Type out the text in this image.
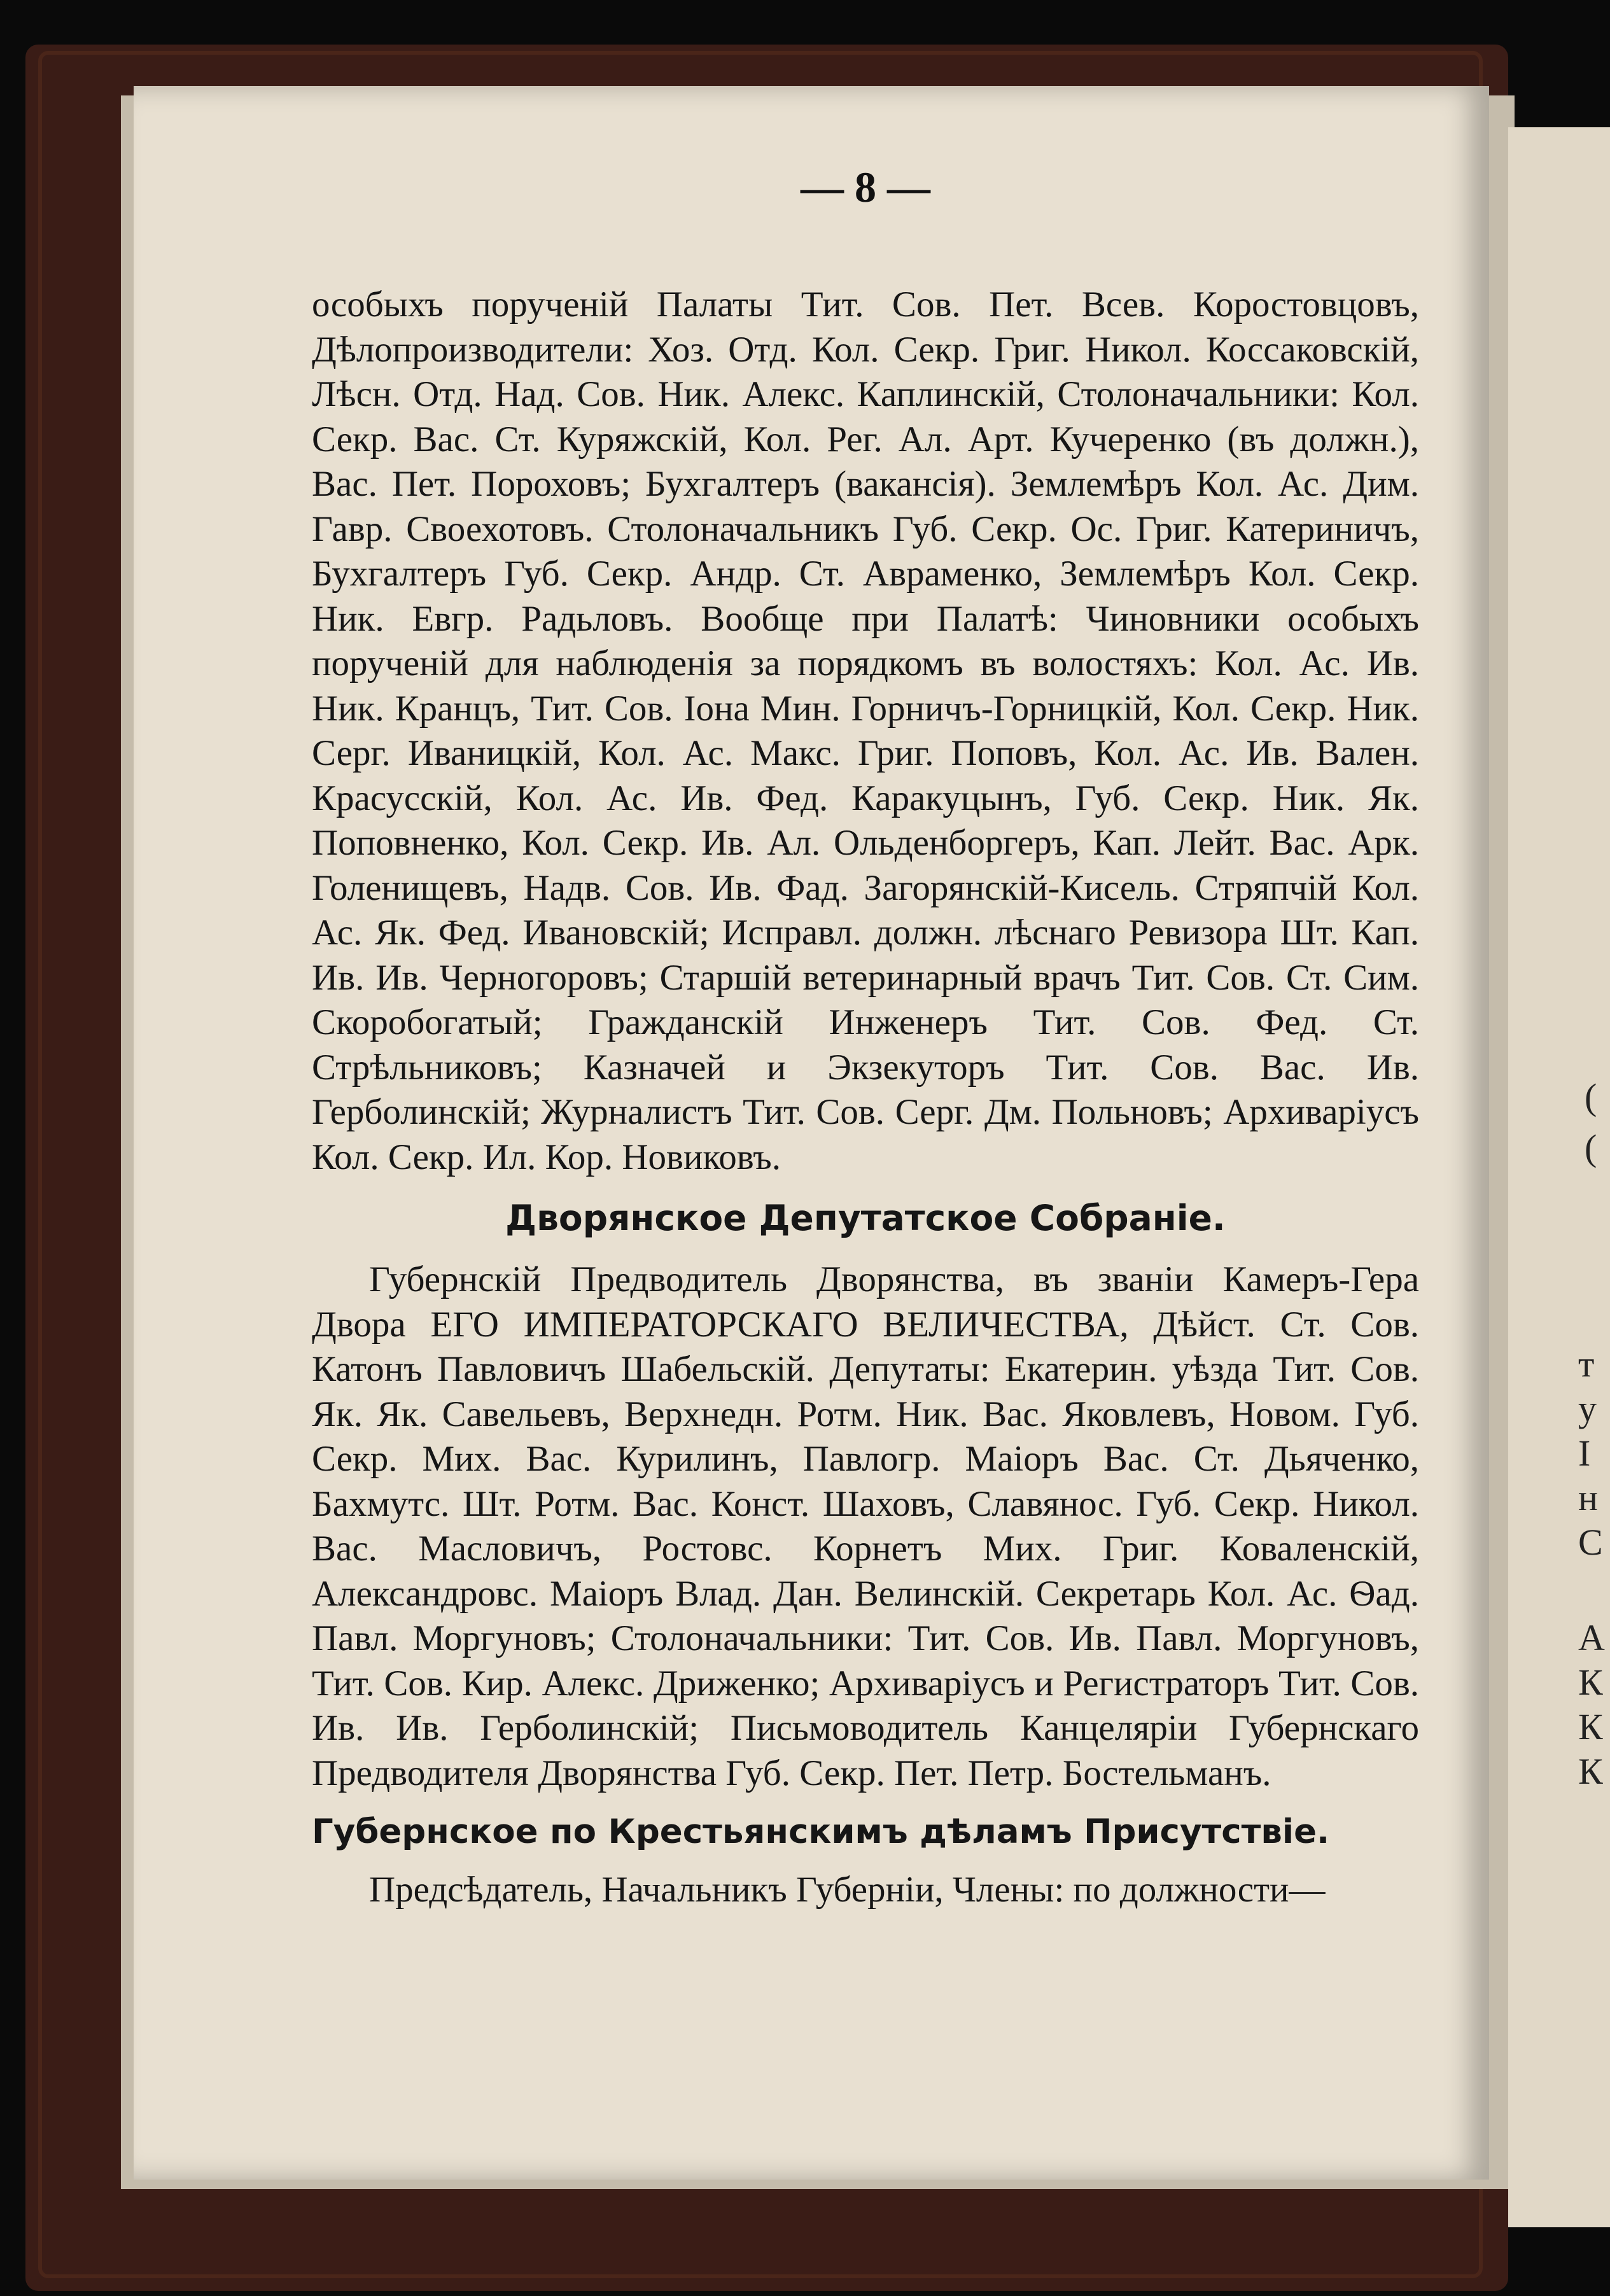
(
(
т
у
I
н
С
А
К
К
К
— 8 —

особыхъ порученій Палаты Тит. Сов. Пет. Всев. Коростовцовъ, Дѣлопроизводители: Хоз. Отд. Кол. Секр. Григ. Никол. Коссаковскій, Лѣсн. Отд. Над. Сов. Ник. Алекс. Каплинскій, Столоначальники: Кол. Секр. Вас. Ст. Куряжскій, Кол. Рег. Ал. Арт. Кучеренко (въ должн.), Вас. Пет. Пороховъ; Бухгалтеръ (вакансія). Землемѣръ Кол. Ас. Дим. Гавр. Своехотовъ. Столоначальникъ Губ. Секр. Ос. Григ. Катериничъ, Бухгалтеръ Губ. Секр. Андр. Ст. Авраменко, Землемѣръ Кол. Секр. Ник. Евгр. Радьловъ. Вообще при Палатѣ: Чиновники особыхъ порученій для наблюденія за порядкомъ въ волостяхъ: Кол. Ас. Ив. Ник. Кранцъ, Тит. Сов. Іона Мин. Горничъ-Горницкій, Кол. Секр. Ник. Серг. Иваницкій, Кол. Ас. Макс. Григ. Поповъ, Кол. Ас. Ив. Вален. Красусскій, Кол. Ас. Ив. Фед. Каракуцынъ, Губ. Секр. Ник. Як. Поповненко, Кол. Секр. Ив. Ал. Ольденборгеръ, Кап. Лейт. Вас. Арк. Голенищевъ, Надв. Сов. Ив. Фад. Загорянскій-Кисель. Стряпчій Кол. Ас. Як. Фед. Ивановскій; Исправл. должн. лѣснаго Ревизора Шт. Кап. Ив. Ив. Черногоровъ; Старшій ветеринарный врачъ Тит. Сов. Ст. Сим. Скоробогатый; Гражданскій Инженеръ Тит. Сов. Фед. Ст. Стрѣльниковъ; Казначей и Экзекуторъ Тит. Сов. Вас. Ив. Герболинскій; Журналистъ Тит. Сов. Серг. Дм. Польновъ; Архиваріусъ Кол. Секр. Ил. Кор. Новиковъ.

Дворянское Депутатское Собраніе.

Губернскій Предводитель Дворянства, въ званіи Камеръ-Гера Двора ЕГО ИМПЕРАТОРСКАГО ВЕЛИЧЕСТВА, Дѣйст. Ст. Сов. Катонъ Павловичъ Шабельскій. Депутаты: Екатерин. уѣзда Тит. Сов. Як. Як. Савельевъ, Верхнедн. Ротм. Ник. Вас. Яковлевъ, Новом. Губ. Секр. Мих. Вас. Курилинъ, Павлогр. Маіоръ Вас. Ст. Дьяченко, Бахмутс. Шт. Ротм. Вас. Конст. Шаховъ, Славянос. Губ. Секр. Никол. Вас. Масловичъ, Ростовс. Корнетъ Мих. Григ. Коваленскій, Александровс. Маіоръ Влад. Дан. Велинскій. Секретарь Кол. Ас. Ѳад. Павл. Моргуновъ; Столоначальники: Тит. Сов. Ив. Павл. Моргуновъ, Тит. Сов. Кир. Алекс. Дриженко; Архиваріусъ и Регистраторъ Тит. Сов. Ив. Ив. Герболинскій; Письмоводитель Канцеляріи Губернскаго Предводителя Дворянства Губ. Секр. Пет. Петр. Бостельманъ.

Губернское по Крестьянскимъ дѣламъ Присутствіе.

Предсѣдатель, Начальникъ Губерніи, Члены: по должности—
